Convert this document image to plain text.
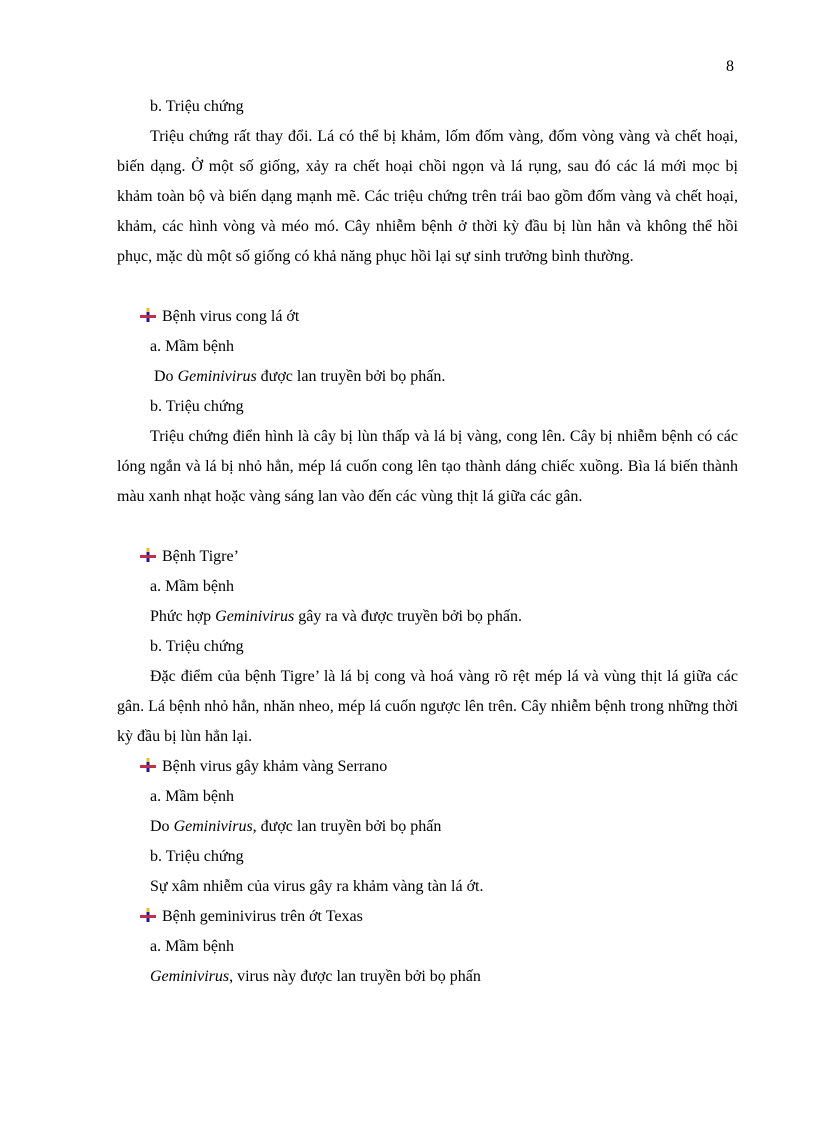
8
b. Triệu chứng
Triệu chứng rất thay đổi. Lá có thể bị khảm, lốm đốm vàng, đốm vòng vàng và chết hoại, biến dạng. Ở một số giống, xảy ra chết hoại chồi ngọn và lá rụng, sau đó các lá mới mọc bị khảm toàn bộ và biến dạng mạnh mẽ. Các triệu chứng trên trái bao gồm đốm vàng và chết hoại, khảm, các hình vòng và méo mó. Cây nhiễm bệnh ở thời kỳ đầu bị lùn hẳn và không thể hồi phục, mặc dù một số giống có khả năng phục hồi lại sự sinh trưởng bình thường.
Bệnh virus cong lá ớt
a. Mầm bệnh
Do Geminivirus được lan truyền bởi bọ phấn.
b. Triệu chứng
Triệu chứng điển hình là cây bị lùn thấp và lá bị vàng, cong lên. Cây bị nhiễm bệnh có các lóng ngắn và lá bị nhỏ hẳn, mép lá cuốn cong lên tạo thành dáng chiếc xuồng. Bìa lá biến thành màu xanh nhạt hoặc vàng sáng lan vào đến các vùng thịt lá giữa các gân.
Bệnh Tigre’
a. Mầm bệnh
Phức hợp Geminivirus gây ra và được truyền bởi bọ phấn.
b. Triệu chứng
Đặc điểm của bệnh Tigre’ là lá bị cong và hoá vàng rõ rệt mép lá và vùng thịt lá giữa các gân. Lá bệnh nhỏ hẳn, nhăn nheo, mép lá cuốn ngược lên trên. Cây nhiễm bệnh trong những thời kỳ đầu bị lùn hẳn lại.
Bệnh virus gây khảm vàng Serrano
a. Mầm bệnh
Do Geminivirus, được lan truyền bởi bọ phấn
b. Triệu chứng
Sự xâm nhiễm của virus gây ra khảm vàng tàn lá ớt.
Bệnh geminivirus trên ớt Texas
a. Mầm bệnh
Geminivirus, virus này được lan truyền bởi bọ phấn
